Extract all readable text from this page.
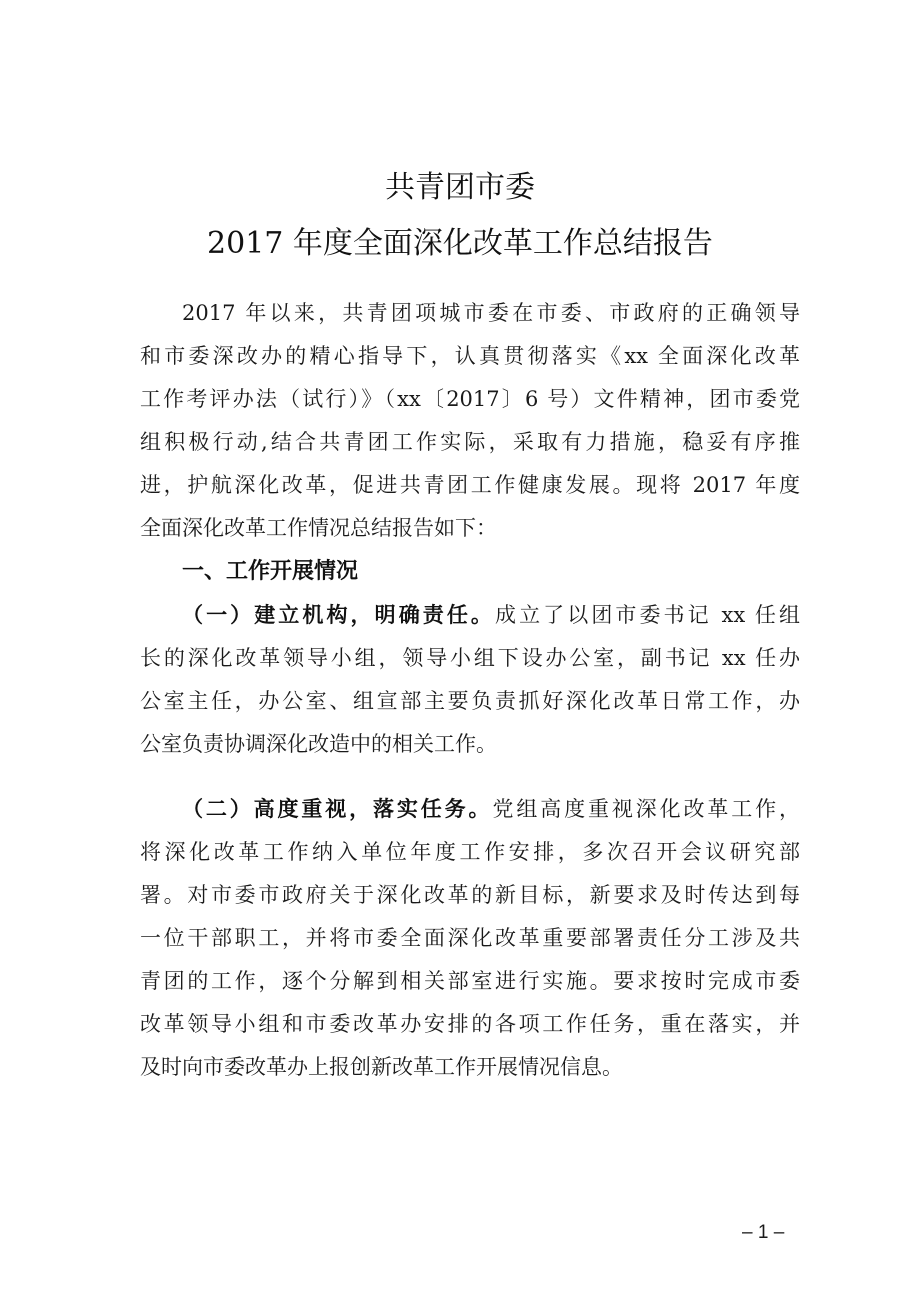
共青团市委
2017 年度全面深化改革工作总结报告
2017 年以来，共青团项城市委在市委、市政府的正确领导
和市委深改办的精心指导下，认真贯彻落实《xx 全面深化改革
工作考评办法（试行）》（xx〔2017〕6 号）文件精神，团市委党
组积极行动,结合共青团工作实际，采取有力措施，稳妥有序推
进，护航深化改革，促进共青团工作健康发展。现将 2017 年度
全面深化改革工作情况总结报告如下：
一、工作开展情况
（一）建立机构，明确责任。成立了以团市委书记 xx 任组
长的深化改革领导小组，领导小组下设办公室，副书记 xx 任办
公室主任，办公室、组宣部主要负责抓好深化改革日常工作，办
公室负责协调深化改造中的相关工作。
（二）高度重视，落实任务。党组高度重视深化改革工作，
将深化改革工作纳入单位年度工作安排，多次召开会议研究部
署。对市委市政府关于深化改革的新目标，新要求及时传达到每
一位干部职工，并将市委全面深化改革重要部署责任分工涉及共
青团的工作，逐个分解到相关部室进行实施。要求按时完成市委
改革领导小组和市委改革办安排的各项工作任务，重在落实，并
及时向市委改革办上报创新改革工作开展情况信息。
– 1 –
